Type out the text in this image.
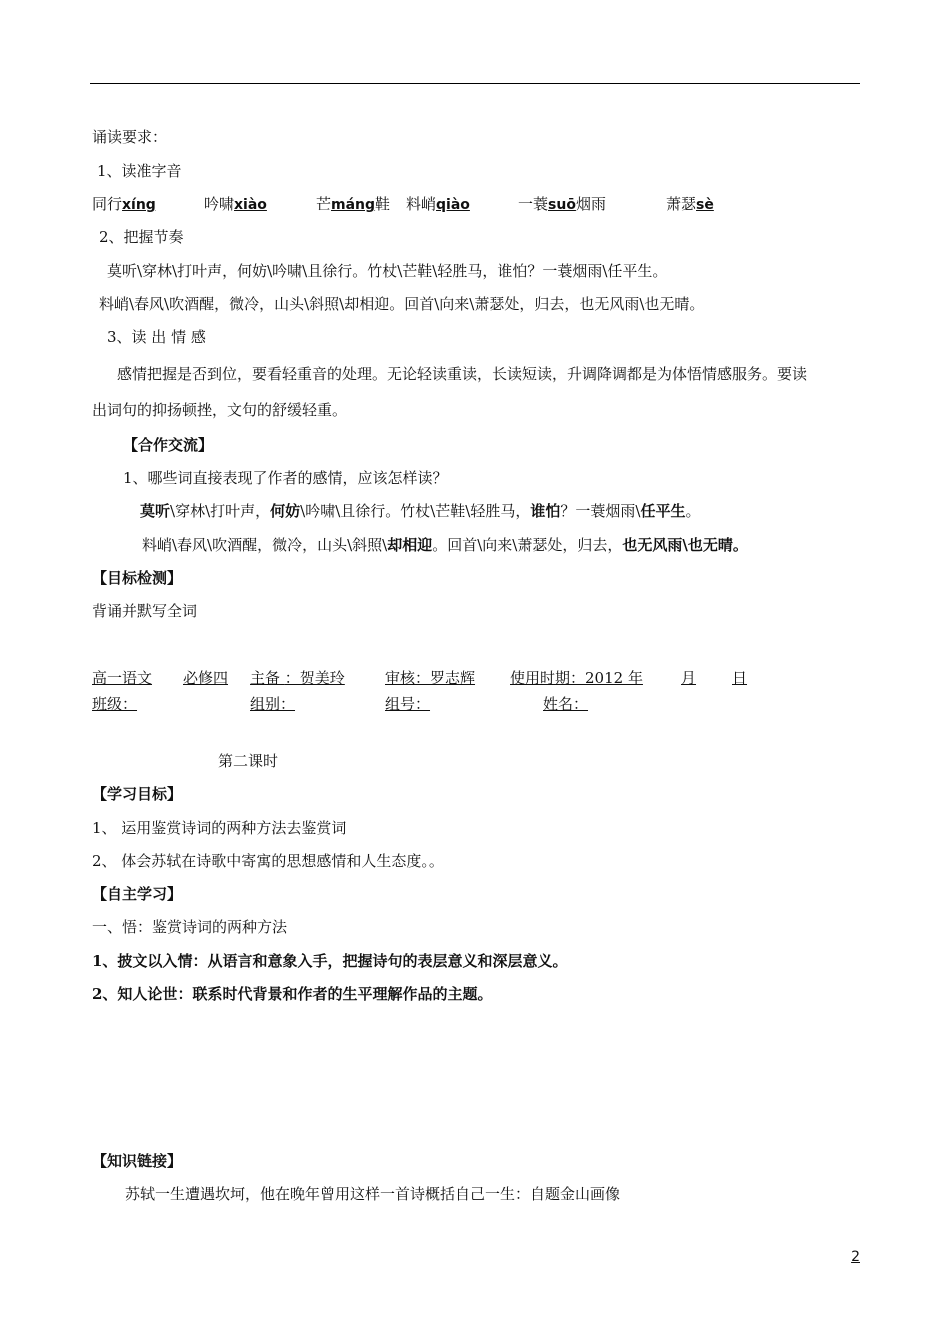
诵读要求：
1、读准字音
同行xíng	吟啸xiào	芒máng鞋 料峭qiào	一蓑suō烟雨	萧瑟sè
2、把握节奏
莫听\穿林\打叶声，何妨\吟啸\且徐行。竹杖\芒鞋\轻胜马，谁怕？一蓑烟雨\任平生。
料峭\春风\吹酒醒，微冷，山头\斜照\却相迎。回首\向来\萧瑟处，归去，也无风雨\也无晴。
3、读 出 情 感
感情把握是否到位，要看轻重音的处理。无论轻读重读，长读短读，升调降调都是为体悟情感服务。要读
出词句的抑扬顿挫，文句的舒缓轻重。
【合作交流】
1、哪些词直接表现了作者的感情，应该怎样读？
莫听\穿林\打叶声，何妨\吟啸\且徐行。竹杖\芒鞋\轻胜马，谁怕？一蓑烟雨\任平生。
料峭\春风\吹酒醒，微冷，山头\斜照\却相迎。回首\向来\萧瑟处，归去，也无风雨\也无晴。
【目标检测】
背诵并默写全词
高一语文 必修四 主备 ：贺美玲	审核：罗志辉 使用时期：2012 年	月 日
班级：	组别：	组号：	姓名：
第二课时
【学习目标】
1、 运用鉴赏诗词的两种方法去鉴赏词
2、 体会苏轼在诗歌中寄寓的思想感情和人生态度。。
【自主学习】
一、悟：鉴赏诗词的两种方法
1、披文以入情：从语言和意象入手，把握诗句的表层意义和深层意义。
2、知人论世：联系时代背景和作者的生平理解作品的主题。
【知识链接】
苏轼一生遭遇坎坷，他在晚年曾用这样一首诗概括自己一生：自题金山画像
2
